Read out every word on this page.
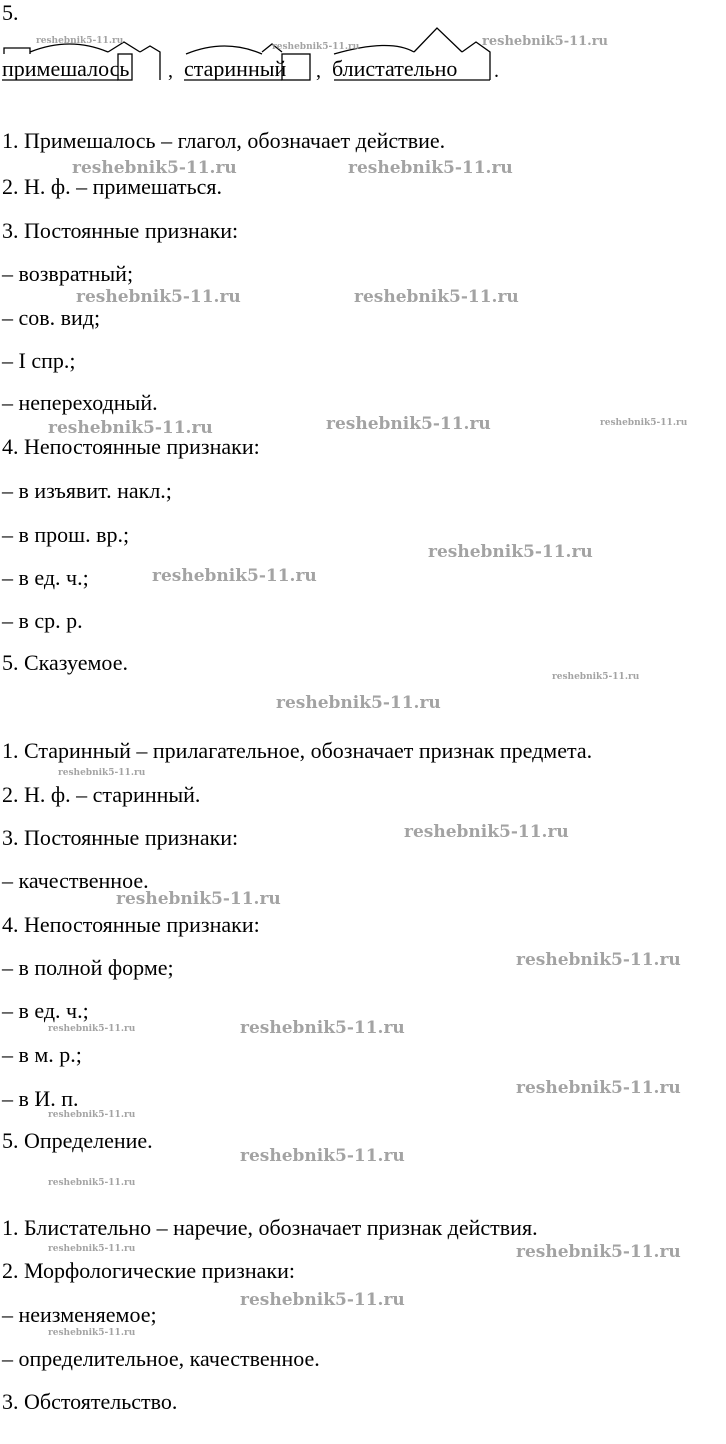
5.
примешалось , старинный , блистательно .
1. Примешалось – глагол, обозначает действие.
2. Н. ф. – примешаться.
3. Постоянные признаки:
– возвратный;
– сов. вид;
– I спр.;
– непереходный.
4. Непостоянные признаки:
– в изъявит. накл.;
– в прош. вр.;
– в ед. ч.;
– в ср. р.
5. Сказуемое.
1. Старинный – прилагательное, обозначает признак предмета.
2. Н. ф. – старинный.
3. Постоянные признаки:
– качественное.
4. Непостоянные признаки:
– в полной форме;
– в ед. ч.;
– в м. р.;
– в И. п.
5. Определение.
1. Блистательно – наречие, обозначает признак действия.
2. Морфологические признаки:
– неизменяемое;
– определительное, качественное.
3. Обстоятельство.
reshebnik5-11.ru
reshebnik5-11.ru	reshebnik5-11.ru
reshebnik5-11.ru	reshebnik5-11.ru
reshebnik5-11.ru	reshebnik5-11.ru
reshebnik5-11.ru	reshebnik5-11.ru	reshebnik5-11.ru
reshebnik5-11.ru
reshebnik5-11.ru
reshebnik5-11.ru
reshebnik5-11.ru
reshebnik5-11.ru
reshebnik5-11.ru
reshebnik5-11.ru
reshebnik5-11.ru
reshebnik5-11.ru	reshebnik5-11.ru
reshebnik5-11.ru
reshebnik5-11.ru
reshebnik5-11.ru
reshebnik5-11.ru
reshebnik5-11.ru	reshebnik5-11.ru
reshebnik5-11.ru
reshebnik5-11.ru
